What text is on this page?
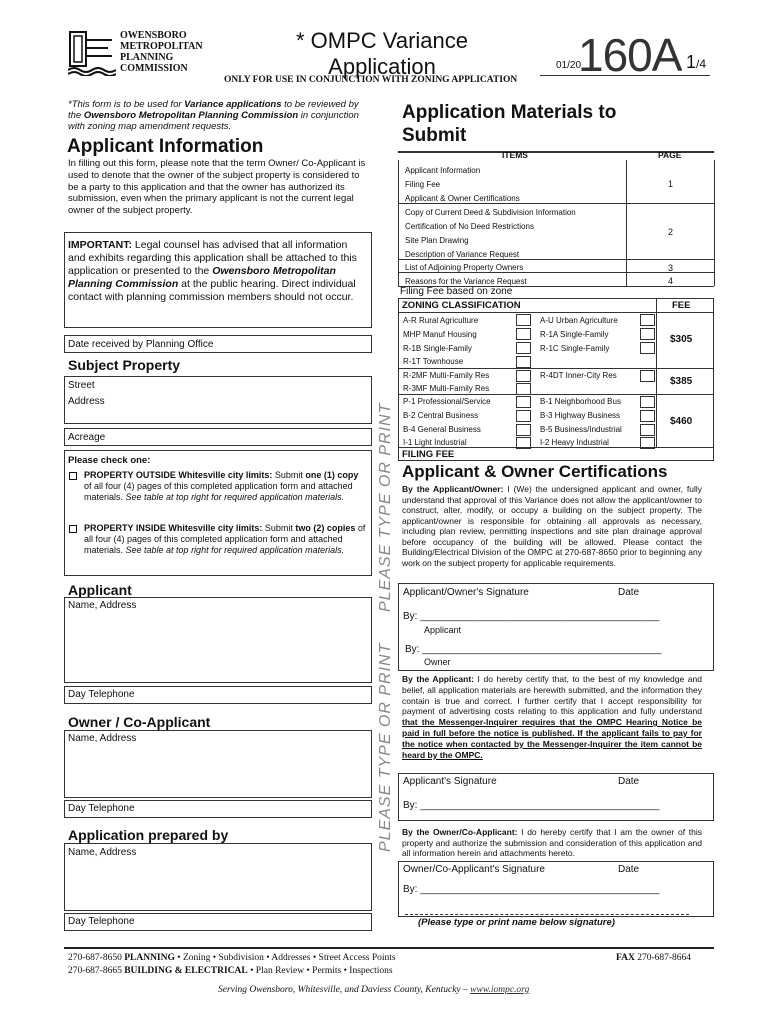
OWENSBORO
METROPOLITAN
PLANNING
COMMISSION
* OMPC Variance
Application	01/20
160A 1/4
ONLY FOR USE IN CONJUNCTION WITH ZONING APPLICATION
*This form is to be used for Variance applications to be reviewed by the Owensboro Metropolitan Planning Commission in conjunction with zoning map amendment requests.
Applicant Information
In filling out this form, please note that the term Owner/ Co-Applicant is used to denote that the owner of the subject property is considered to be a party to this application and that the owner has authorized its submission, even when the primary applicant is not the current legal owner of the subject property.
IMPORTANT: Legal counsel has advised that all information and exhibits regarding this application shall be attached to this application or presented to the Owensboro Metropolitan Planning Commission at the public hearing. Direct individual contact with planning commission members should not occur.
Date received by Planning Office
Subject Property
Street
Address
Acreage
Please check one:
PROPERTY OUTSIDE Whitesville city limits: Submit one (1) copy of all four (4) pages of this completed application form and attached materials. See table at top right for required application materials.
PROPERTY INSIDE Whitesville city limits: Submit two (2) copies of all four (4) pages of this completed application form and attached materials. See table at top right for required application materials.
Applicant
Name, Address
Day Telephone
Owner / Co-Applicant
Name, Address
Day Telephone
Application prepared by
Name, Address
Day Telephone
PLEASE TYPE OR PRINT
PLEASE TYPE OR PRINT
Application Materials to
Submit
ITEMS	PAGE
Applicant Information
Filing Fee
Applicant & Owner Certifications
1
Copy of Current Deed & Subdivision Information
Certification of No Deed Restrictions
Site Plan Drawing
Description of Variance Request
2
List of Adjoining Property Owners	3
Reasons for the Variance Request	4
Filing Fee based on zone
ZONING CLASSIFICATION	FEE
A-R Rural Agriculture	A-U Urban Agriculture
MHP Manuf Housing	R-1A Single-Family
R-1B Single-Family	R-1C Single-Family
R-1T Townhouse
$305
R-2MF Multi-Family Res	R-4DT Inner-City Res
R-3MF Multi-Family Res
$385
P-1 Professional/Service	B-1 Neighborhood Bus
B-2 Central Business	B-3 Highway Business
B-4 General Business	B-5 Business/Industrial
I-1 Light Industrial	I-2 Heavy Industrial
$460
FILING FEE
Applicant & Owner Certifications
By the Applicant/Owner: I (We) the undersigned applicant and owner, fully understand that approval of this Variance does not allow the applicant/owner to construct, alter, modify, or occupy a building on the subject property. The applicant/owner is responsible for obtaining all approvals as necessary, including plan review, permitting inspections and site plan drainage approval before occupancy of the building will be allowed. Please contact the Building/Electrical Division of the OMPC at 270-687-8650 prior to beginning any work on the subject property for applicable requirements.
Applicant/Owner's Signature	Date
By: ___________________________________________
Applicant
By: ___________________________________________
Owner
By the Applicant: I do hereby certify that, to the best of my knowledge and belief, all application materials are herewith submitted, and the information they contain is true and correct. I further certify that I accept responsibility for payment of advertising costs relating to this application and fully understand that the Messenger-Inquirer requires that the OMPC Hearing Notice be paid in full before the notice is published. If the applicant fails to pay for the notice when contacted by the Messenger-Inquirer the item cannot be heard by the OMPC.
Applicant's Signature	Date
By: ___________________________________________
By the Owner/Co-Applicant: I do hereby certify that I am the owner of this property and authorize the submission and consideration of this application and all information herein and attachments hereto.
Owner/Co-Applicant's Signature	Date
By: ___________________________________________
(Please type or print name below signature)
270-687-8650 PLANNING • Zoning • Subdivision • Addresses • Street Access Points	FAX 270-687-8664
270-687-8665 BUILDING & ELECTRICAL • Plan Review • Permits • Inspections
Serving Owensboro, Whitesville, and Daviess County, Kentucky – www.iompc.org
